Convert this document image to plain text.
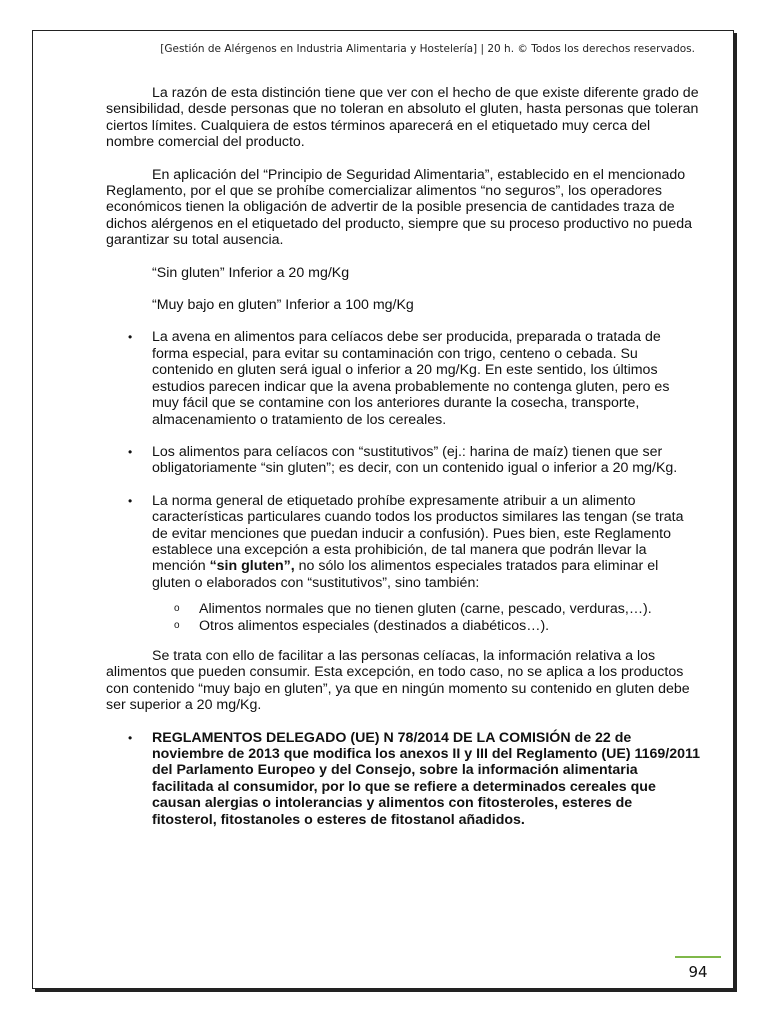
[Gestión de Alérgenos en Industria Alimentaria y Hostelería] | 20 h. © Todos los derechos reservados.

La razón de esta distinción tiene que ver con el hecho de que existe diferente grado de sensibilidad, desde personas que no toleran en absoluto el gluten, hasta personas que toleran ciertos límites. Cualquiera de estos términos aparecerá en el etiquetado muy cerca del nombre comercial del producto.

En aplicación del “Principio de Seguridad Alimentaria”, establecido en el mencionado Reglamento, por el que se prohíbe comercializar alimentos “no seguros”, los operadores económicos tienen la obligación de advertir de la posible presencia de cantidades traza de dichos alérgenos en el etiquetado del producto, siempre que su proceso productivo no pueda garantizar su total ausencia.

“Sin gluten” Inferior a 20 mg/Kg

“Muy bajo en gluten” Inferior a 100 mg/Kg

• La avena en alimentos para celíacos debe ser producida, preparada o tratada de forma especial, para evitar su contaminación con trigo, centeno o cebada. Su contenido en gluten será igual o inferior a 20 mg/Kg. En este sentido, los últimos estudios parecen indicar que la avena probablemente no contenga gluten, pero es muy fácil que se contamine con los anteriores durante la cosecha, transporte, almacenamiento o tratamiento de los cereales.
• Los alimentos para celíacos con “sustitutivos” (ej.: harina de maíz) tienen que ser obligatoriamente “sin gluten”; es decir, con un contenido igual o inferior a 20 mg/Kg.
• La norma general de etiquetado prohíbe expresamente atribuir a un alimento características particulares cuando todos los productos similares las tengan (se trata de evitar menciones que puedan inducir a confusión). Pues bien, este Reglamento establece una excepción a esta prohibición, de tal manera que podrán llevar la mención “sin gluten”, no sólo los alimentos especiales tratados para eliminar el gluten o elaborados con “sustitutivos”, sino también:
o Alimentos normales que no tienen gluten (carne, pescado, verduras,…).
o Otros alimentos especiales (destinados a diabéticos…).

Se trata con ello de facilitar a las personas celíacas, la información relativa a los alimentos que pueden consumir. Esta excepción, en todo caso, no se aplica a los productos con contenido “muy bajo en gluten”, ya que en ningún momento su contenido en gluten debe ser superior a 20 mg/Kg.

• REGLAMENTOS DELEGADO (UE) N 78/2014 DE LA COMISIÓN de 22 de noviembre de 2013 que modifica los anexos II y III del Reglamento (UE) 1169/2011 del Parlamento Europeo y del Consejo, sobre la información alimentaria facilitada al consumidor, por lo que se refiere a determinados cereales que causan alergias o intolerancias y alimentos con fitosteroles, esteres de fitosterol, fitostanoles o esteres de fitostanol añadidos.
94
